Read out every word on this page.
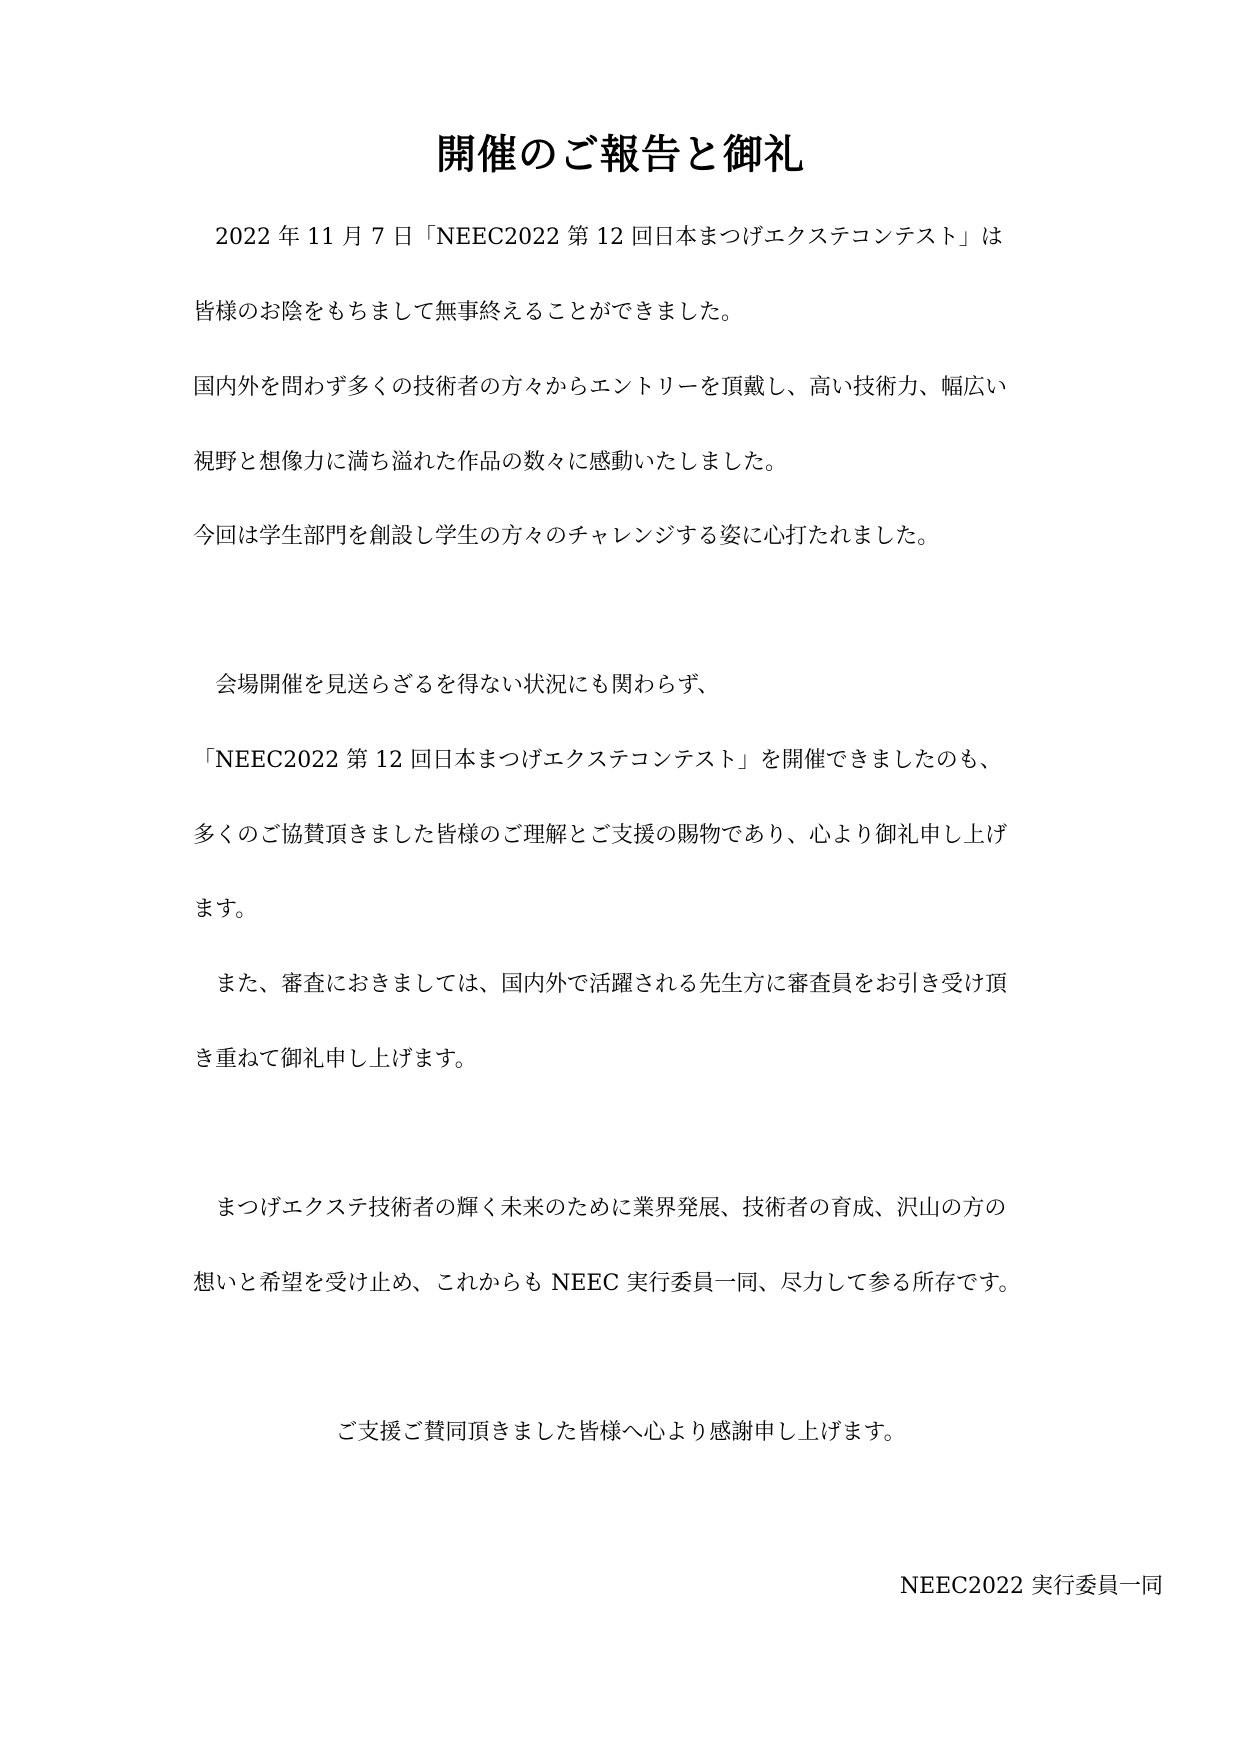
開催のご報告と御礼
　2022 年 11 月 7 日「NEEC2022 第 12 回日本まつげエクステコンテスト」は
皆様のお陰をもちまして無事終えることができました。
国内外を問わず多くの技術者の方々からエントリーを頂戴し、高い技術力、幅広い
視野と想像力に満ち溢れた作品の数々に感動いたしました。
今回は学生部門を創設し学生の方々のチャレンジする姿に心打たれました。
　会場開催を見送らざるを得ない状況にも関わらず、
「NEEC2022 第 12 回日本まつげエクステコンテスト」を開催できましたのも、
多くのご協賛頂きました皆様のご理解とご支援の賜物であり、心より御礼申し上げ
ます。
　また、審査におきましては、国内外で活躍される先生方に審査員をお引き受け頂
き重ねて御礼申し上げます。
　まつげエクステ技術者の輝く未来のために業界発展、技術者の育成、沢山の方の
想いと希望を受け止め、これからも NEEC 実行委員一同、尽力して参る所存です。
ご支援ご賛同頂きました皆様へ心より感謝申し上げます。
NEEC2022 実行委員一同
